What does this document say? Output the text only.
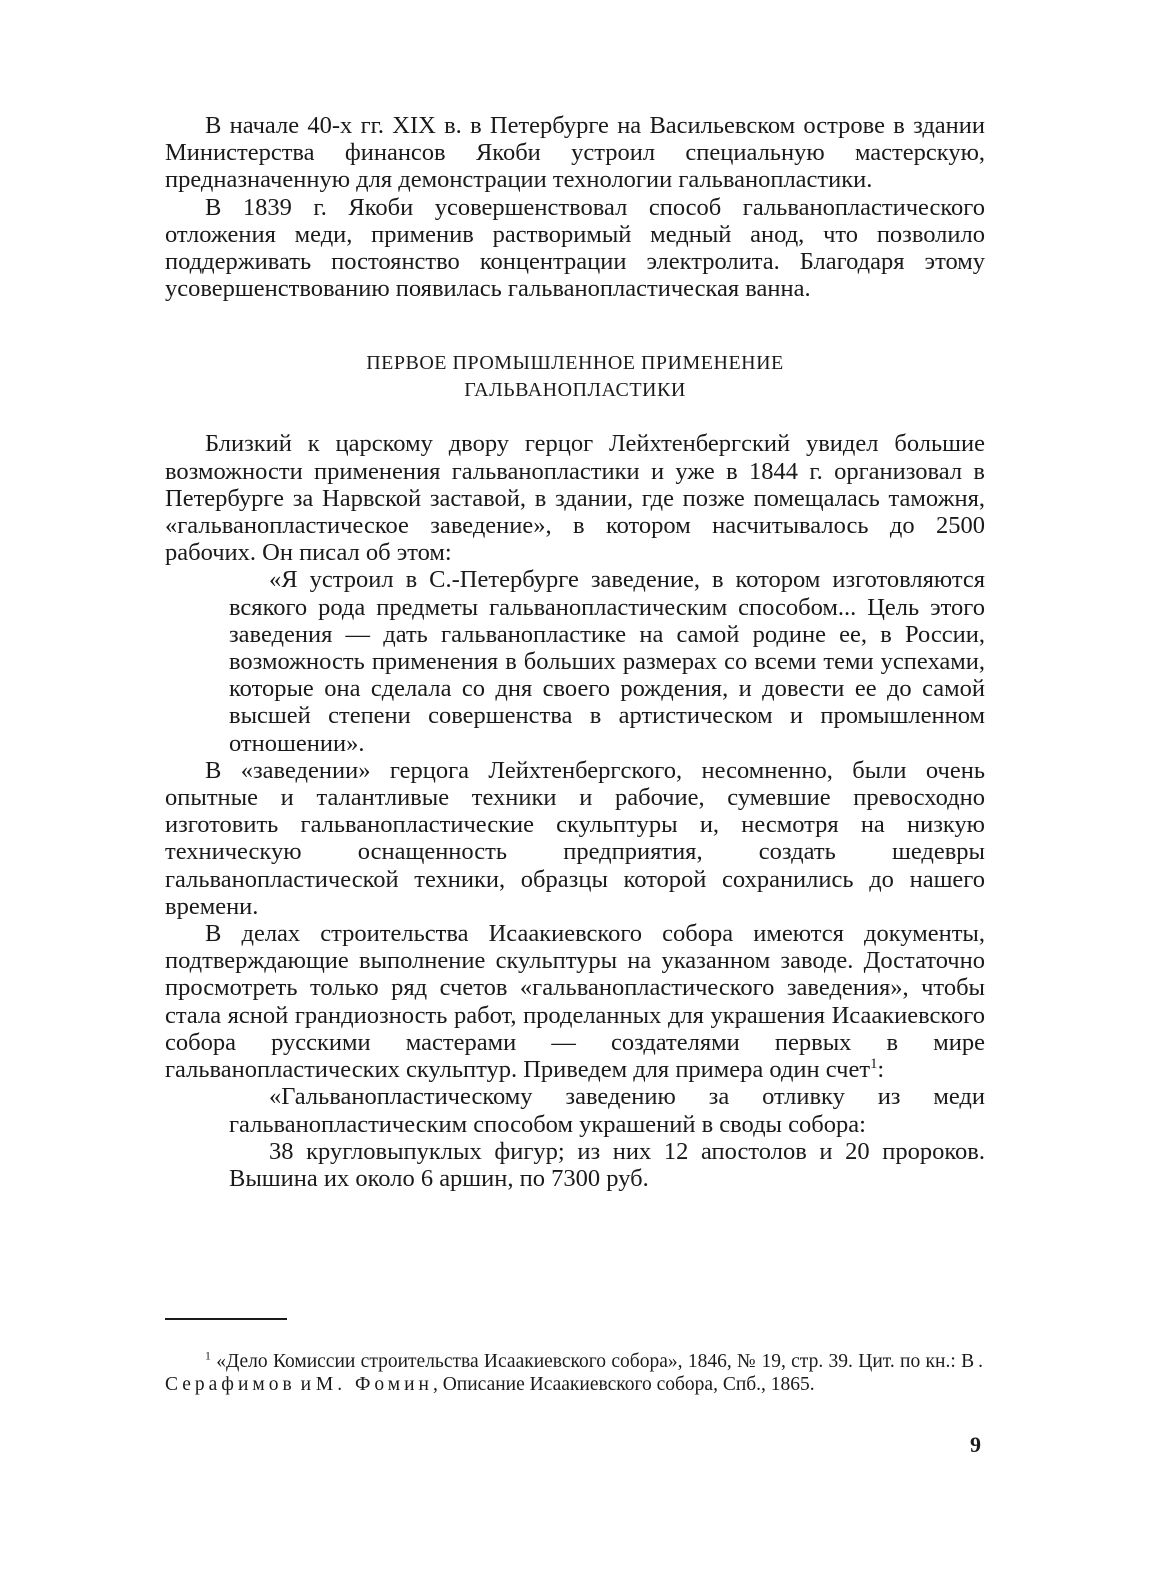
В начале 40-х гг. XIX в. в Петербурге на Васильевском острове в здании Министерства финансов Якоби устроил специальную мастерскую, предназначенную для демонстрации технологии гальванопластики.

В 1839 г. Якоби усовершенствовал способ гальванопластического отложения меди, применив растворимый медный анод, что позволило поддерживать постоянство концентрации электролита. Благодаря этому усовершенствованию появилась гальванопластическая ванна.

ПЕРВОЕ ПРОМЫШЛЕННОЕ ПРИМЕНЕНИЕ
ГАЛЬВАНОПЛАСТИКИ

Близкий к царскому двору герцог Лейхтенбергский увидел большие возможности применения гальванопластики и уже в 1844 г. организовал в Петербурге за Нарвской заставой, в здании, где позже помещалась таможня, «гальванопластическое заведение», в котором насчитывалось до 2500 рабочих. Он писал об этом:

«Я устроил в С.-Петербурге заведение, в котором изготовляются всякого рода предметы гальванопластическим способом... Цель этого заведения — дать гальванопластике на самой родине ее, в России, возможность применения в больших размерах со всеми теми успехами, которые она сделала со дня своего рождения, и довести ее до самой высшей степени совершенства в артистическом и промышленном отношении».

В «заведении» герцога Лейхтенбергского, несомненно, были очень опытные и талантливые техники и рабочие, сумевшие превосходно изготовить гальванопластические скульптуры и, несмотря на низкую техническую оснащенность предприятия, создать шедевры гальванопластической техники, образцы которой сохранились до нашего времени.

В делах строительства Исаакиевского собора имеются документы, подтверждающие выполнение скульптуры на указанном заводе. Достаточно просмотреть только ряд счетов «гальванопластического заведения», чтобы стала ясной грандиозность работ, проделанных для украшения Исаакиевского собора русскими мастерами — создателями первых в мире гальванопластических скульптур. Приведем для примера один счет$^1$:

«Гальванопластическому заведению за отливку из меди гальванопластическим способом украшений в своды собора:

38 кругловыпуклых фигур; из них 12 апостолов и 20 пророков. Вышина их около 6 аршин, по 7300 руб.

$^1$ «Дело Комиссии строительства Исаакиевского собора», 1846, № 19, стр. 39. Цит. по кн.: В. Серафимов и М. Фомин, Описание Исаакиевского собора, Спб., 1865.

9
